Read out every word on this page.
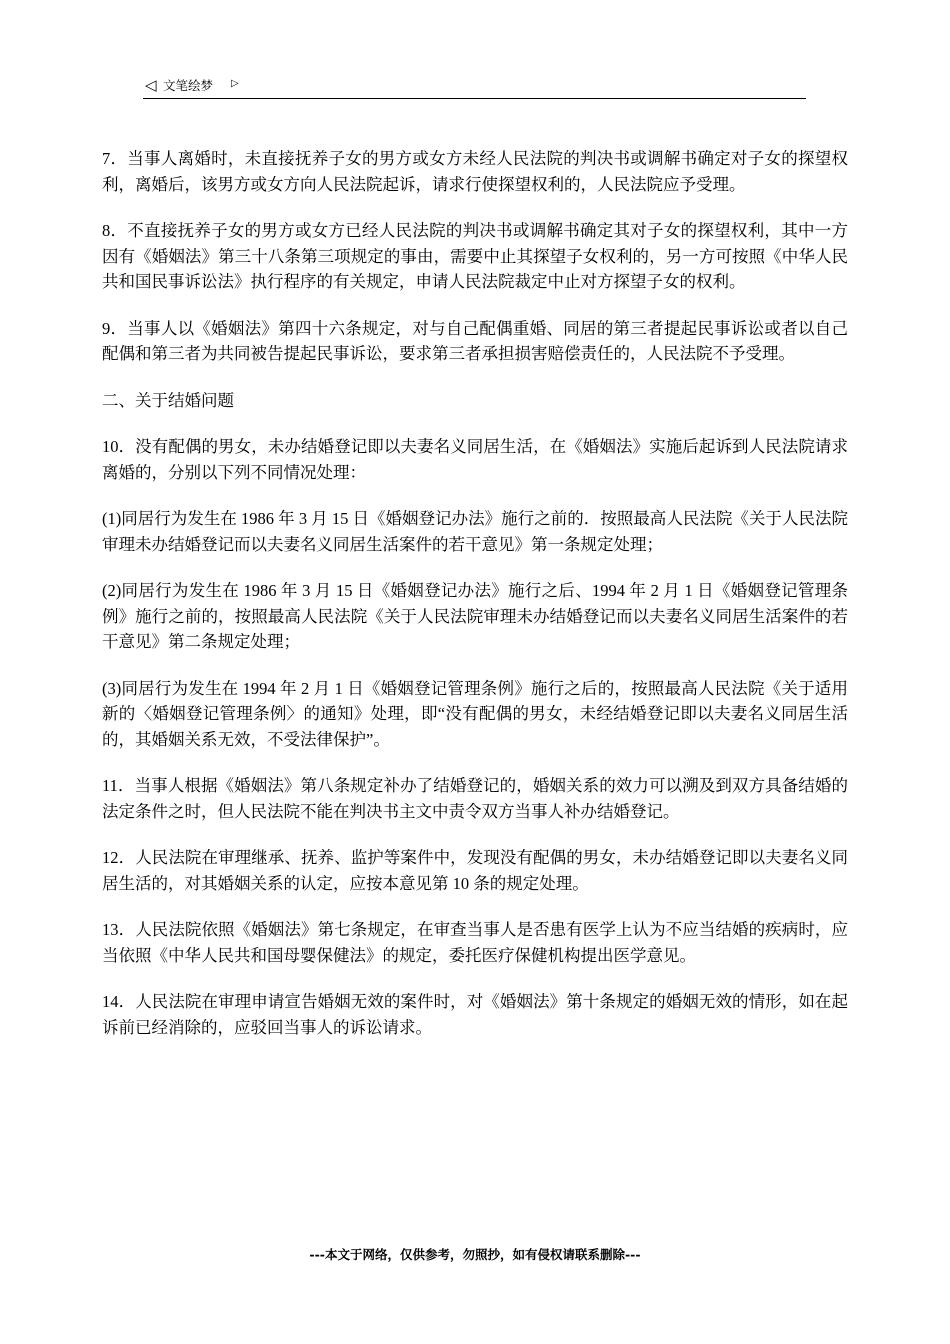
◁ 文笔绘梦 ▷

7．当事人离婚时，未直接抚养子女的男方或女方未经人民法院的判决书或调解书确定对子女的探望权利，离婚后，该男方或女方向人民法院起诉，请求行使探望权利的，人民法院应予受理。

8．不直接抚养子女的男方或女方已经人民法院的判决书或调解书确定其对子女的探望权利，其中一方因有《婚姻法》第三十八条第三项规定的事由，需要中止其探望子女权利的，另一方可按照《中华人民共和国民事诉讼法》执行程序的有关规定，申请人民法院裁定中止对方探望子女的权利。

9．当事人以《婚姻法》第四十六条规定，对与自己配偶重婚、同居的第三者提起民事诉讼或者以自己配偶和第三者为共同被告提起民事诉讼，要求第三者承担损害赔偿责任的，人民法院不予受理。

二、关于结婚问题

10．没有配偶的男女，未办结婚登记即以夫妻名义同居生活，在《婚姻法》实施后起诉到人民法院请求离婚的，分别以下列不同情况处理：

(1)同居行为发生在 1986 年 3 月 15 日《婚姻登记办法》施行之前的．按照最高人民法院《关于人民法院审理未办结婚登记而以夫妻名义同居生活案件的若干意见》第一条规定处理；

(2)同居行为发生在 1986 年 3 月 15 日《婚姻登记办法》施行之后、1994 年 2 月 1 日《婚姻登记管理条例》施行之前的，按照最高人民法院《关于人民法院审理未办结婚登记而以夫妻名义同居生活案件的若干意见》第二条规定处理；

(3)同居行为发生在 1994 年 2 月 1 日《婚姻登记管理条例》施行之后的，按照最高人民法院《关于适用新的〈婚姻登记管理条例〉的通知》处理，即“没有配偶的男女，未经结婚登记即以夫妻名义同居生活的，其婚姻关系无效，不受法律保护”。

11．当事人根据《婚姻法》第八条规定补办了结婚登记的，婚姻关系的效力可以溯及到双方具备结婚的法定条件之时，但人民法院不能在判决书主文中责令双方当事人补办结婚登记。

12．人民法院在审理继承、抚养、监护等案件中，发现没有配偶的男女，未办结婚登记即以夫妻名义同居生活的，对其婚姻关系的认定，应按本意见第 10 条的规定处理。

13．人民法院依照《婚姻法》第七条规定，在审查当事人是否患有医学上认为不应当结婚的疾病时，应当依照《中华人民共和国母婴保健法》的规定，委托医疗保健机构提出医学意见。

14．人民法院在审理申请宣告婚姻无效的案件时，对《婚姻法》第十条规定的婚姻无效的情形，如在起诉前已经消除的，应驳回当事人的诉讼请求。

---本文于网络，仅供参考，勿照抄，如有侵权请联系删除---
